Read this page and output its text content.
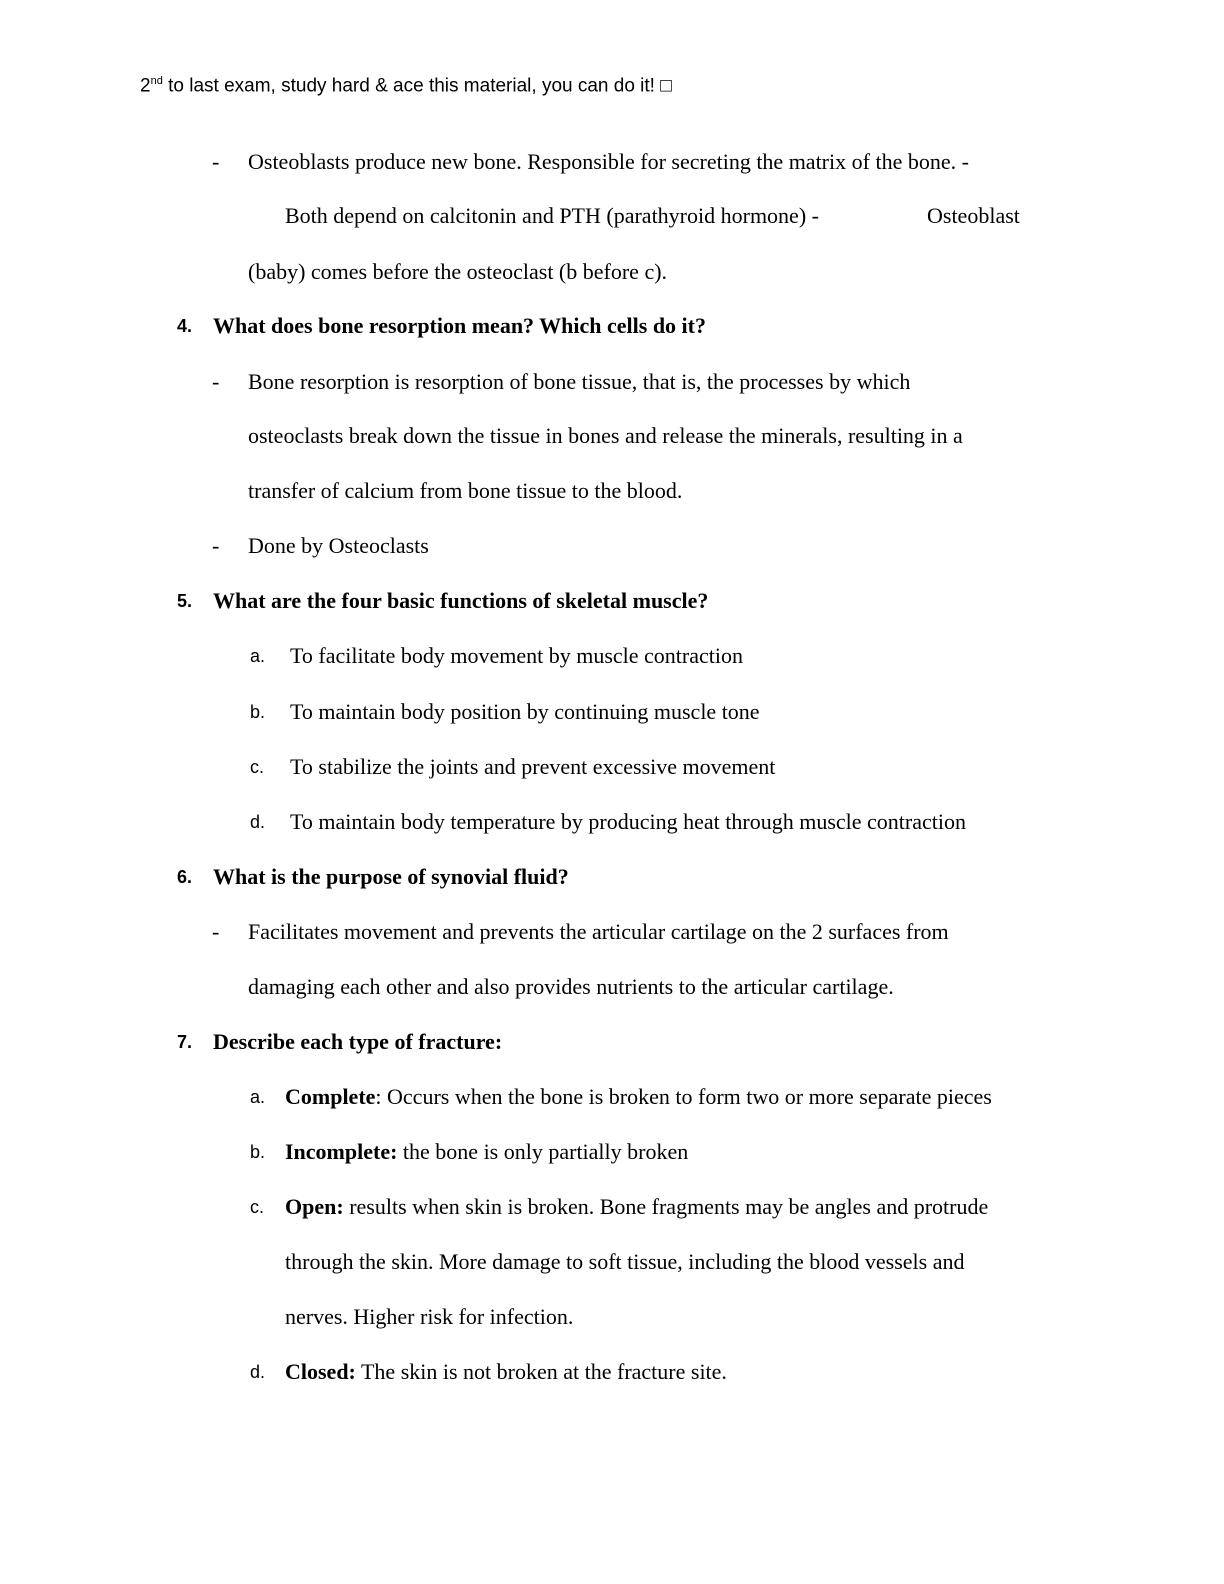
2nd to last exam, study hard & ace this material, you can do it! □
- Osteoblasts produce new bone. Responsible for secreting the matrix of the bone. -
Both depend on calcitonin and PTH (parathyroid hormone) -	Osteoblast
(baby) comes before the osteoclast (b before c).
4. What does bone resorption mean? Which cells do it?
- Bone resorption is resorption of bone tissue, that is, the processes by which
osteoclasts break down the tissue in bones and release the minerals, resulting in a
transfer of calcium from bone tissue to the blood.
- Done by Osteoclasts
5. What are the four basic functions of skeletal muscle?
a. To facilitate body movement by muscle contraction
b. To maintain body position by continuing muscle tone
c. To stabilize the joints and prevent excessive movement
d. To maintain body temperature by producing heat through muscle contraction
6. What is the purpose of synovial fluid?
- Facilitates movement and prevents the articular cartilage on the 2 surfaces from
damaging each other and also provides nutrients to the articular cartilage.
7. Describe each type of fracture:
a. Complete: Occurs when the bone is broken to form two or more separate pieces
b. Incomplete: the bone is only partially broken
c. Open: results when skin is broken. Bone fragments may be angles and protrude
through the skin. More damage to soft tissue, including the blood vessels and
nerves. Higher risk for infection.
d. Closed: The skin is not broken at the fracture site.
